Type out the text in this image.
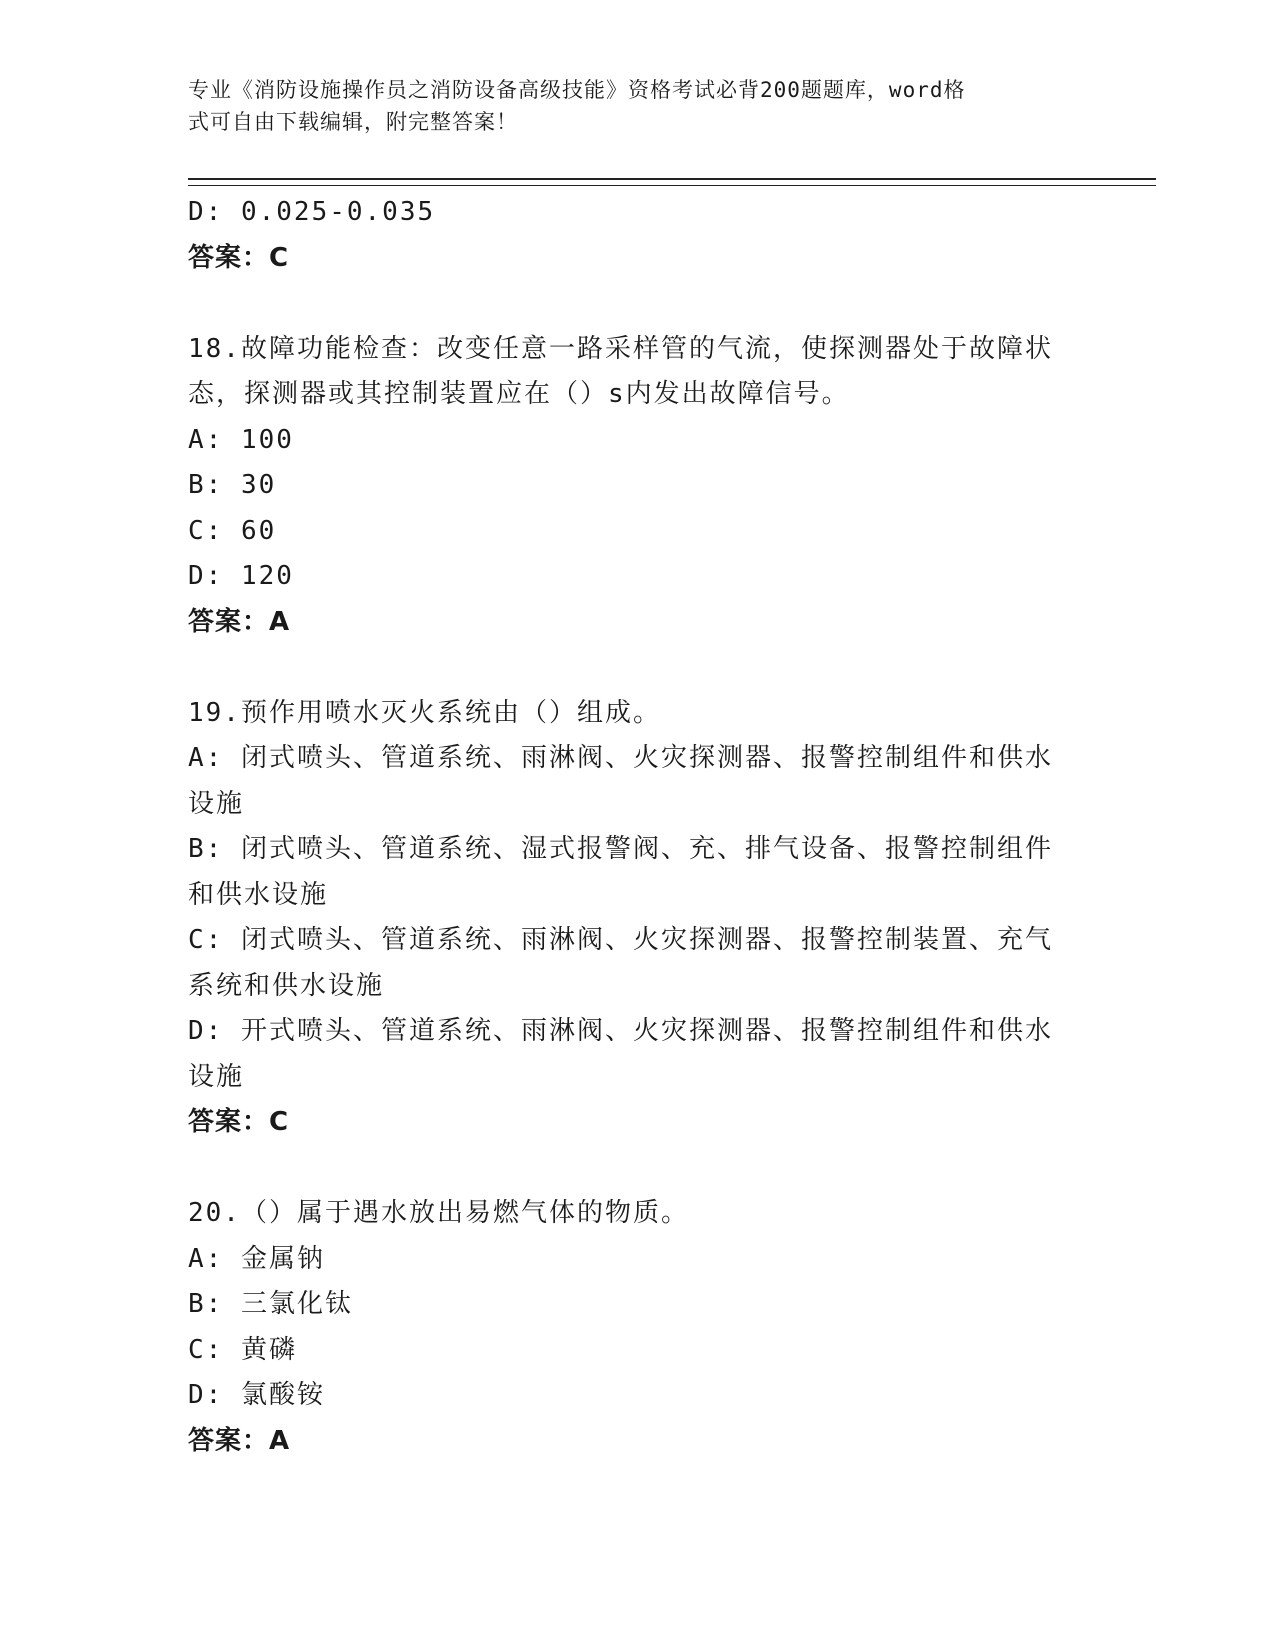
专业《消防设施操作员之消防设备高级技能》资格考试必背200题题库，word格
式可自由下载编辑，附完整答案！
D: 0.025-0.035
答案：C
18.故障功能检查：改变任意一路采样管的气流，使探测器处于故障状
态，探测器或其控制装置应在（）s内发出故障信号。
A: 100
B: 30
C: 60
D: 120
答案：A
19.预作用喷水灭火系统由（）组成。
A: 闭式喷头、管道系统、雨淋阀、火灾探测器、报警控制组件和供水
设施
B: 闭式喷头、管道系统、湿式报警阀、充、排气设备、报警控制组件
和供水设施
C: 闭式喷头、管道系统、雨淋阀、火灾探测器、报警控制装置、充气
系统和供水设施
D: 开式喷头、管道系统、雨淋阀、火灾探测器、报警控制组件和供水
设施
答案：C
20.（）属于遇水放出易燃气体的物质。
A: 金属钠
B: 三氯化钛
C: 黄磷
D: 氯酸铵
答案：A
